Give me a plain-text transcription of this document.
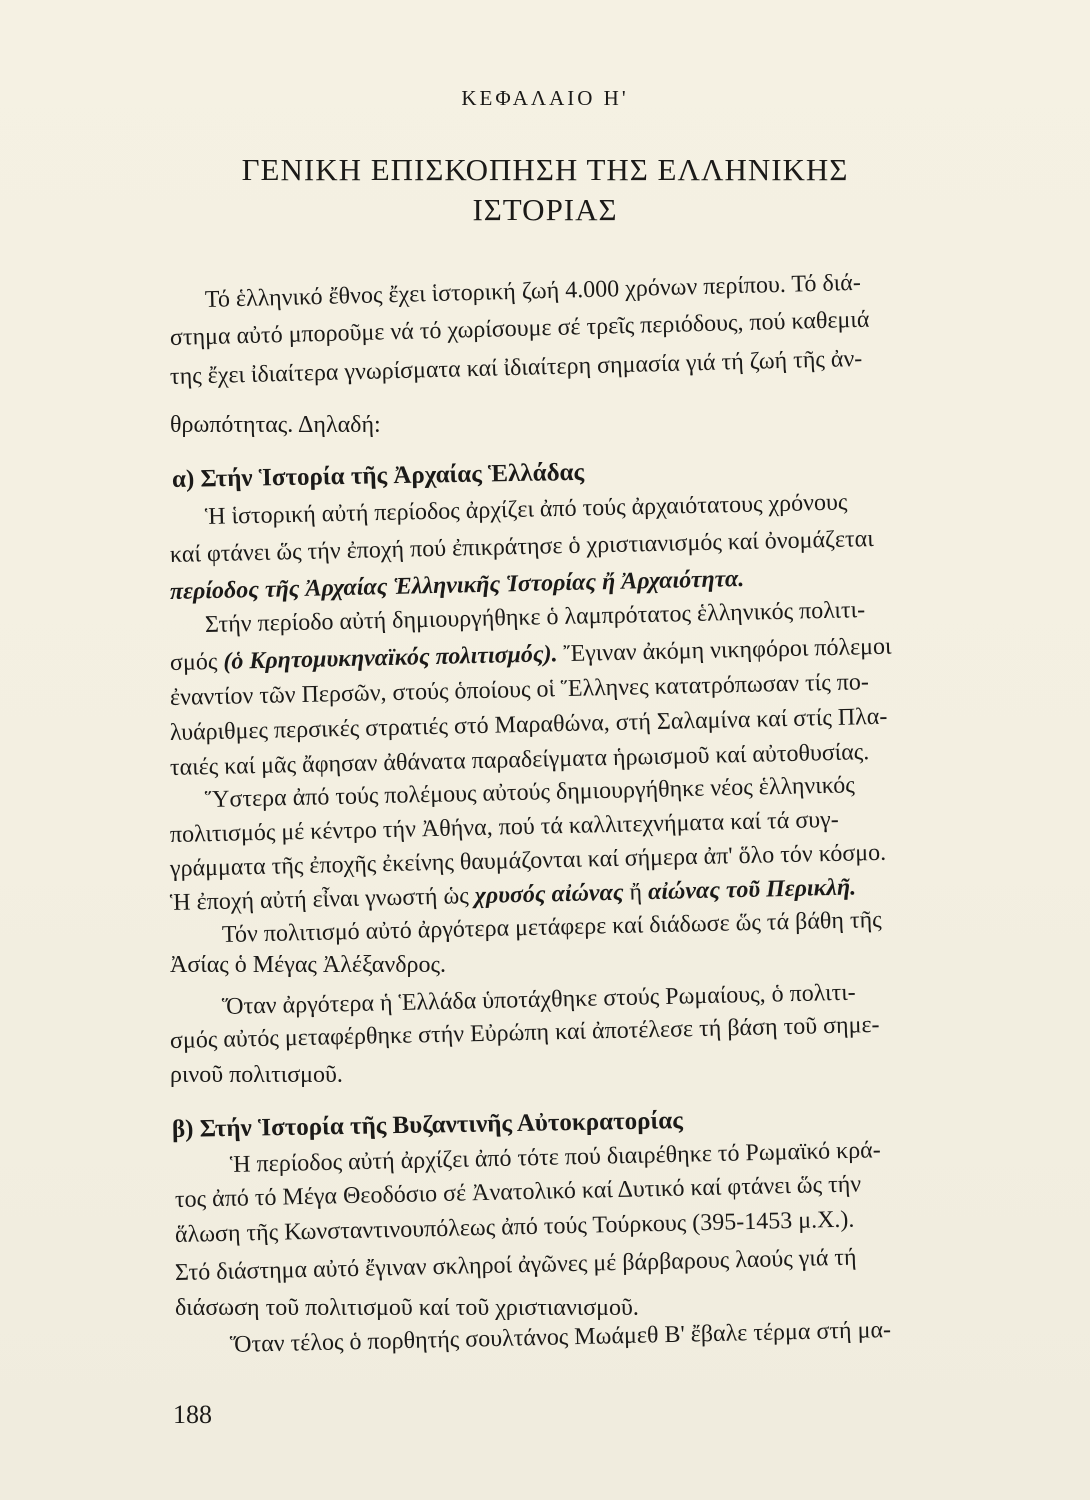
ΚΕΦΑΛΑΙΟ Η'
ΓΕΝΙΚΗ ΕΠΙΣΚΟΠΗΣΗ ΤΗΣ ΕΛΛΗΝΙΚΗΣ
ΙΣΤΟΡΙΑΣ
Τό ἑλληνικό ἔθνος ἔχει ἱστορική ζωή 4.000 χρόνων περίπου. Τό διά-
στημα αὐτό μποροῦμε νά τό χωρίσουμε σέ τρεῖς περιόδους, πού καθεμιά
της ἔχει ἰδιαίτερα γνωρίσματα καί ἰδιαίτερη σημασία γιά τή ζωή τῆς ἀν-
θρωπότητας. Δηλαδή:
α) Στήν Ἱστορία τῆς Ἀρχαίας Ἑλλάδας
Ἡ ἱστορική αὐτή περίοδος ἀρχίζει ἀπό τούς ἀρχαιότατους χρόνους
καί φτάνει ὥς τήν ἐποχή πού ἐπικράτησε ὁ χριστιανισμός καί ὀνομάζεται
περίοδος τῆς Ἀρχαίας Ἑλληνικῆς Ἱστορίας ἤ Ἀρχαιότητα.
Στήν περίοδο αὐτή δημιουργήθηκε ὁ λαμπρότατος ἑλληνικός πολιτι-
σμός (ὁ Κρητομυκηναϊκός πολιτισμός). Ἔγιναν ἀκόμη νικηφόροι πόλεμοι
ἐναντίον τῶν Περσῶν, στούς ὁποίους οἱ Ἕλληνες κατατρόπωσαν τίς πο-
λυάριθμες περσικές στρατιές στό Μαραθώνα, στή Σαλαμίνα καί στίς Πλα-
ταιές καί μᾶς ἄφησαν ἀθάνατα παραδείγματα ἡρωισμοῦ καί αὐτοθυσίας.
Ὕστερα ἀπό τούς πολέμους αὐτούς δημιουργήθηκε νέος ἑλληνικός
πολιτισμός μέ κέντρο τήν Ἀθήνα, πού τά καλλιτεχνήματα καί τά συγ-
γράμματα τῆς ἐποχῆς ἐκείνης θαυμάζονται καί σήμερα ἀπ' ὅλο τόν κόσμο.
Ἡ ἐποχή αὐτή εἶναι γνωστή ὡς χρυσός αἰώνας ἤ αἰώνας τοῦ Περικλῆ.
Τόν πολιτισμό αὐτό ἀργότερα μετάφερε καί διάδωσε ὥς τά βάθη τῆς
Ἀσίας ὁ Μέγας Ἀλέξανδρος.
Ὅταν ἀργότερα ἡ Ἑλλάδα ὑποτάχθηκε στούς Ρωμαίους, ὁ πολιτι-
σμός αὐτός μεταφέρθηκε στήν Εὐρώπη καί ἀποτέλεσε τή βάση τοῦ σημε-
ρινοῦ πολιτισμοῦ.
β) Στήν Ἱστορία τῆς Βυζαντινῆς Αὐτοκρατορίας
Ἡ περίοδος αὐτή ἀρχίζει ἀπό τότε πού διαιρέθηκε τό Ρωμαϊκό κρά-
τος ἀπό τό Μέγα Θεοδόσιο σέ Ἀνατολικό καί Δυτικό καί φτάνει ὥς τήν
ἅλωση τῆς Κωνσταντινουπόλεως ἀπό τούς Τούρκους (395-1453 μ.Χ.).
Στό διάστημα αὐτό ἔγιναν σκληροί ἀγῶνες μέ βάρβαρους λαούς γιά τή
διάσωση τοῦ πολιτισμοῦ καί τοῦ χριστιανισμοῦ.
Ὅταν τέλος ὁ πορθητής σουλτάνος Μωάμεθ Β' ἔβαλε τέρμα στή μα-
188
